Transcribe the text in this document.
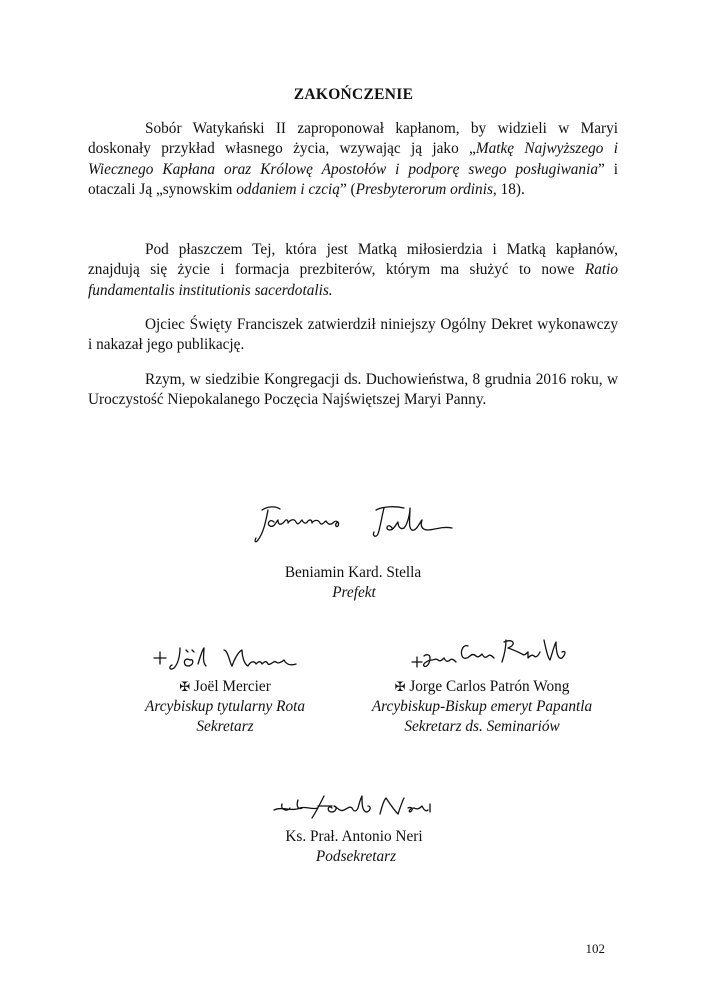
ZAKOŃCZENIE

Sobór Watykański II zaproponował kapłanom, by widzieli w Maryi doskonały przykład własnego życia, wzywając ją jako „Matkę Najwyższego i Wiecznego Kapłana oraz Królowę Apostołów i podporę swego posługiwania” i otaczali Ją „synowskim oddaniem i czcią” (Presbyterorum ordinis, 18).

Pod płaszczem Tej, która jest Matką miłosierdzia i Matką kapłanów, znajdują się życie i formacja prezbiterów, którym ma służyć to nowe Ratio fundamentalis institutionis sacerdotalis.

Ojciec Święty Franciszek zatwierdził niniejszy Ogólny Dekret wykonawczy i nakazał jego publikację.

Rzym, w siedzibie Kongregacji ds. Duchowieństwa, 8 grudnia 2016 roku, w Uroczystość Niepokalanego Poczęcia Najświętszej Maryi Panny.

Beniamin Kard. Stella
Prefekt
✠ Joël Mercier
Arcybiskup tytularny Rota
Sekretarz
✠ Jorge Carlos Patrón Wong
Arcybiskup-Biskup emeryt Papantla
Sekretarz ds. Seminariów
Ks. Prał. Antonio Neri
Podsekretarz
102
